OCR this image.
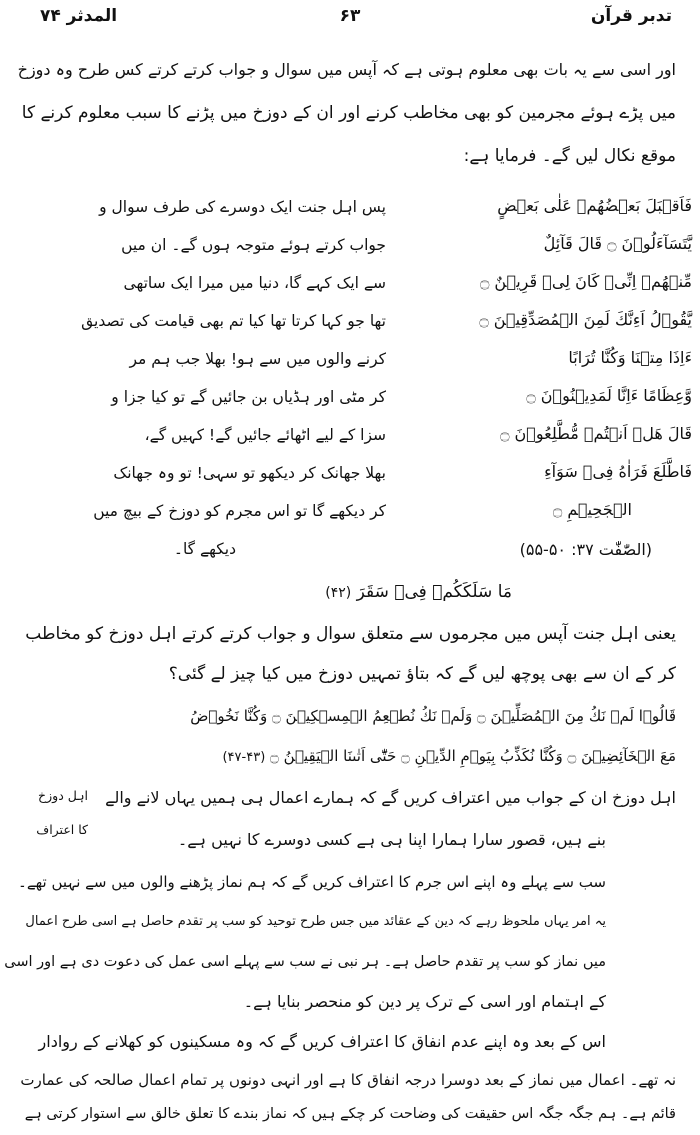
تدبر قرآن
۶۳
المدثر ۷۴
اور اسی سے یہ بات بھی معلوم ہوتی ہے کہ آپس میں سوال و جواب کرتے کرتے کس طرح وہ دوزخ
میں پڑے ہوئے مجرمین کو بھی مخاطب کرنے اور ان کے دوزخ میں پڑنے کا سبب معلوم کرنے کا
موقع نکال لیں گے۔ فرمایا ہے:
فَاَقۡبَلَ بَعۡضُهُمۡ عَلٰى بَعۡضٍ
يَّتَسَآءَلُوۡنَ ۝ قَالَ قَآئِلٌ
مِّنۡهُمۡ اِنِّىۡ كَانَ لِىۡ قَرِيۡنٌ ۝
يَّقُوۡلُ اَءِنَّكَ لَمِنَ الۡمُصَدِّقِيۡنَ ۝
ءَاِذَا مِتۡنَا وَكُنَّا تُرَابًا
وَّعِظَامًا ءَاِنَّا لَمَدِيۡنُوۡنَ ۝
قَالَ هَلۡ اَنۡتُمۡ مُّطَّلِعُوۡنَ ۝
فَاطَّلَعَ فَرَاٰهُ فِىۡ سَوَآءِ
الۡجَحِيۡمِ ۝
(الصّٰفّٰت ۳۷: ۵۰-۵۵)
پس اہل جنت ایک دوسرے کی طرف سوال و
جواب کرتے ہوئے متوجہ ہوں گے۔ ان میں
سے ایک کہے گا، دنیا میں میرا ایک ساتھی
تھا جو کہا کرتا تھا کیا تم بھی قیامت کی تصدیق
کرنے والوں میں سے ہو! بھلا جب ہم مر
کر مٹی اور ہڈیاں بن جائیں گے تو کیا جزا و
سزا کے لیے اٹھائے جائیں گے! کہیں گے،
بھلا جھانک کر دیکھو تو سہی! تو وہ جھانک
کر دیکھے گا تو اس مجرم کو دوزخ کے بیچ میں
دیکھے گا۔
مَا سَلَكَكُمۡ فِىۡ سَقَرَ (۴۲)
یعنی اہل جنت آپس میں مجرموں سے متعلق سوال و جواب کرتے کرتے اہل دوزخ کو مخاطب
کر کے ان سے بھی پوچھ لیں گے کہ بتاؤ تمہیں دوزخ میں کیا چیز لے گئی؟
قَالُوۡا لَمۡ نَكُ مِنَ الۡمُصَلِّيۡنَ ۝ وَلَمۡ نَكُ نُطۡعِمُ الۡمِسۡكِيۡنَ ۝ وَكُنَّا نَخُوۡضُ
مَعَ الۡخَآئِضِيۡنَ ۝ وَكُنَّا نُكَذِّبُ بِيَوۡمِ الدِّيۡنِ ۝ حَتّٰٓى اَتٰٮنَا الۡيَقِيۡنُ ۝ (۴۳-۴۷)
اہل دوزخ
کا اعتراف
اہل دوزخ ان کے جواب میں اعتراف کریں گے کہ ہمارے اعمال ہی ہمیں یہاں لانے والے
بنے ہیں، قصور سارا ہمارا اپنا ہی ہے کسی دوسرے کا نہیں ہے۔
سب سے پہلے وہ اپنے اس جرم کا اعتراف کریں گے کہ ہم نماز پڑھنے والوں میں سے نہیں تھے۔
یہ امر یہاں ملحوظ رہے کہ دین کے عقائد میں جس طرح توحید کو سب پر تقدم حاصل ہے اسی طرح اعمال
میں نماز کو سب پر تقدم حاصل ہے۔ ہر نبی نے سب سے پہلے اسی عمل کی دعوت دی ہے اور اسی
کے اہتمام اور اسی کے ترک پر دین کو منحصر بنایا ہے۔
اس کے بعد وہ اپنے عدم انفاق کا اعتراف کریں گے کہ وہ مسکینوں کو کھلانے کے روادار
نہ تھے۔ اعمال میں نماز کے بعد دوسرا درجہ انفاق کا ہے اور انہی دونوں پر تمام اعمال صالحہ کی عمارت
قائم ہے۔ ہم جگہ جگہ اس حقیقت کی وضاحت کر چکے ہیں کہ نماز بندے کا تعلق خالق سے استوار کرتی ہے
